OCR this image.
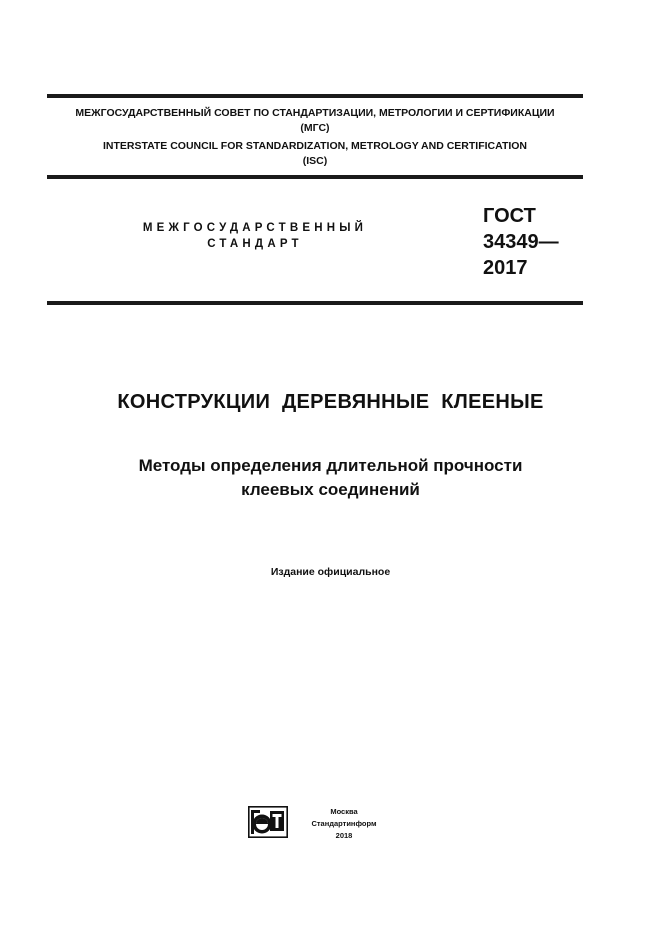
МЕЖГОСУДАРСТВЕННЫЙ СОВЕТ ПО СТАНДАРТИЗАЦИИ, МЕТРОЛОГИИ И СЕРТИФИКАЦИИ
(МГС)
INTERSTATE COUNCIL FOR STANDARDIZATION, METROLOGY AND CERTIFICATION
(ISC)
МЕЖГОСУДАРСТВЕННЫЙ
СТАНДАРТ
ГОСТ
34349—
2017
КОНСТРУКЦИИ ДЕРЕВЯННЫЕ КЛЕЕНЫЕ
Методы определения длительной прочности
клеевых соединений
Издание официальное
Москва
Стандартинформ
2018
